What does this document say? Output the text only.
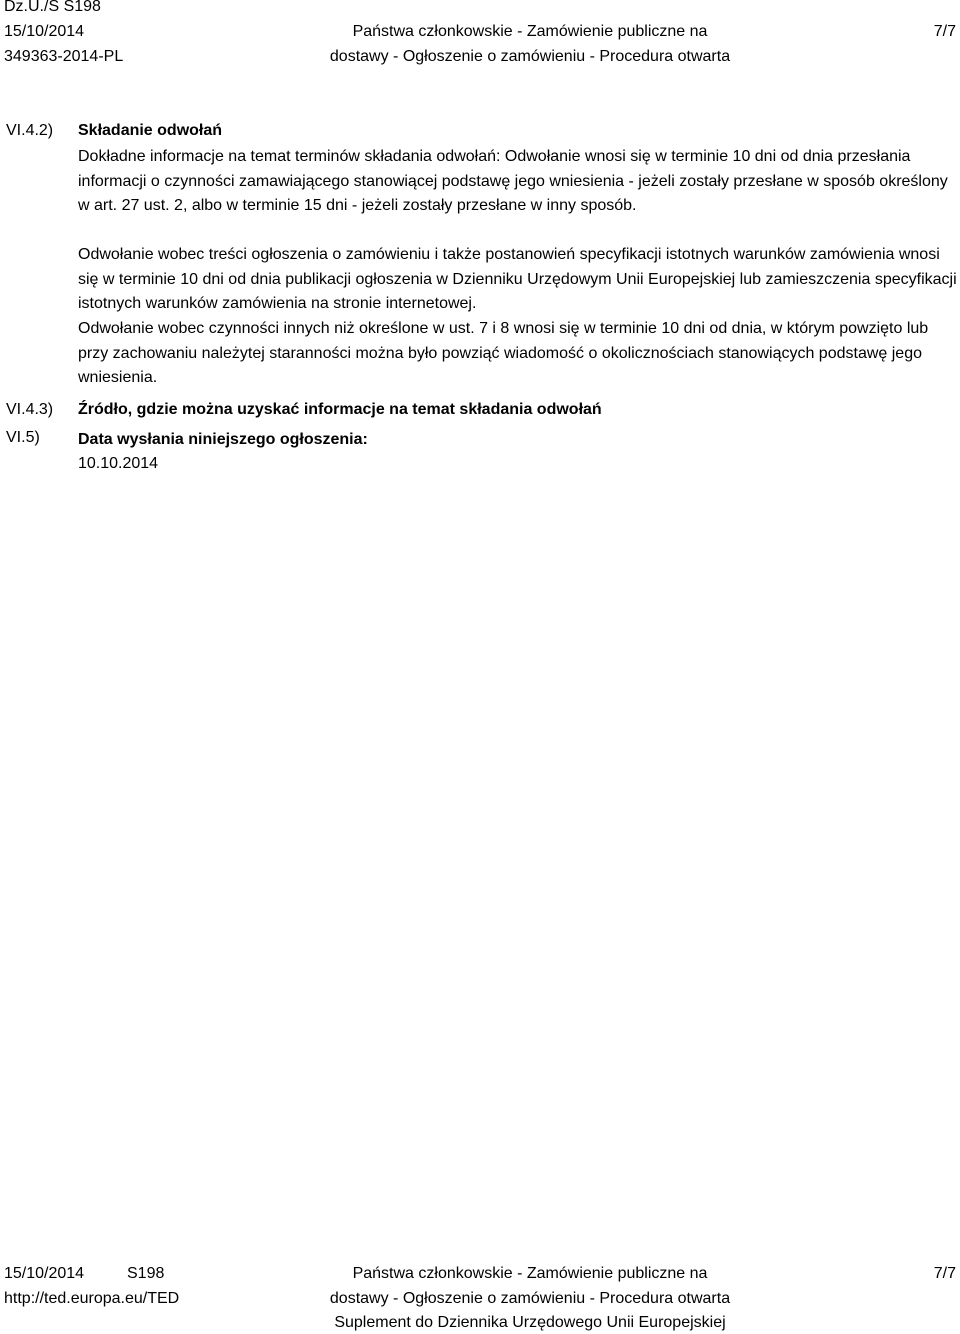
Dz.U./S S198
15/10/2014
349363-2014-PL
Państwa członkowskie - Zamówienie publiczne na
dostawy - Ogłoszenie o zamówieniu - Procedura otwarta
7/7
VI.4.2) Składanie odwołań
Dokładne informacje na temat terminów składania odwołań: Odwołanie wnosi się w terminie 10 dni od dnia przesłania informacji o czynności zamawiającego stanowiącej podstawę jego wniesienia - jeżeli zostały przesłane w sposób określony w art. 27 ust. 2, albo w terminie 15 dni - jeżeli zostały przesłane w inny sposób.
Odwołanie wobec treści ogłoszenia o zamówieniu i także postanowień specyfikacji istotnych warunków zamówienia wnosi się w terminie 10 dni od dnia publikacji ogłoszenia w Dzienniku Urzędowym Unii Europejskiej lub zamieszczenia specyfikacji istotnych warunków zamówienia na stronie internetowej.
Odwołanie wobec czynności innych niż określone w ust. 7 i 8 wnosi się w terminie 10 dni od dnia, w którym powzięto lub przy zachowaniu należytej staranności można było powziąć wiadomość o okolicznościach stanowiących podstawę jego wniesienia.
VI.4.3) Źródło, gdzie można uzyskać informacje na temat składania odwołań
VI.5) Data wysłania niniejszego ogłoszenia:
10.10.2014
15/10/2014	S198
http://ted.europa.eu/TED
Państwa członkowskie - Zamówienie publiczne na
dostawy - Ogłoszenie o zamówieniu - Procedura otwarta
Suplement do Dziennika Urzędowego Unii Europejskiej
7/7
